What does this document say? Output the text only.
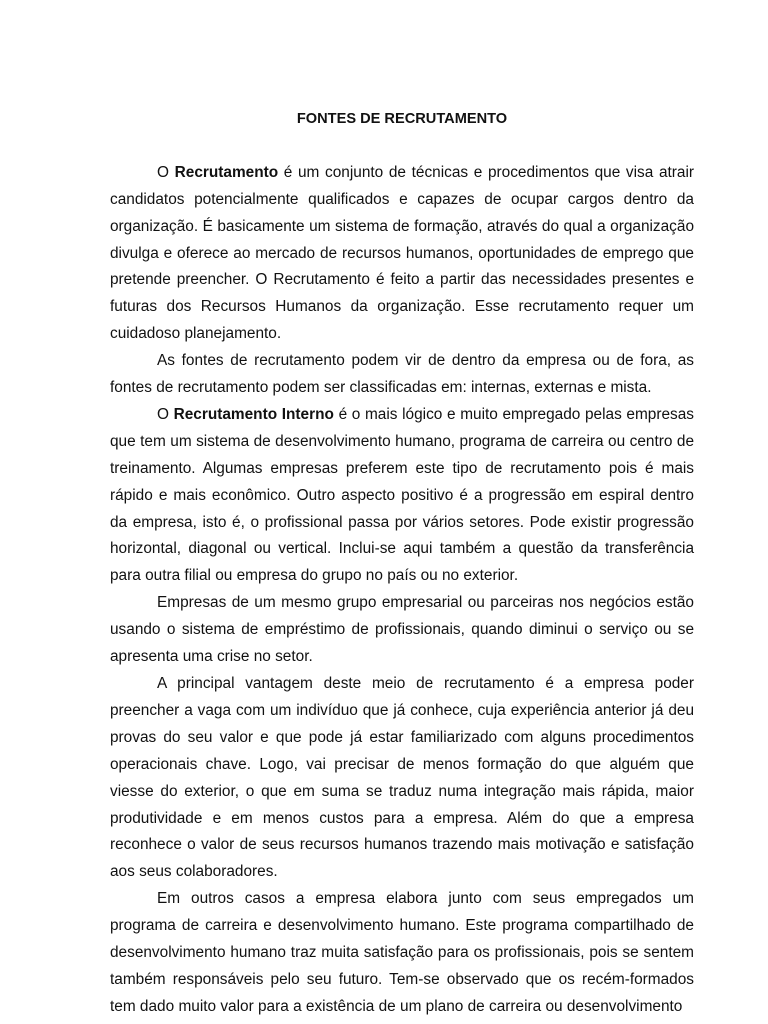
FONTES DE RECRUTAMENTO

O Recrutamento é um conjunto de técnicas e procedimentos que visa atrair candidatos potencialmente qualificados e capazes de ocupar cargos dentro da organização. É basicamente um sistema de formação, através do qual a organização divulga e oferece ao mercado de recursos humanos, oportunidades de emprego que pretende preencher. O Recrutamento é feito a partir das necessidades presentes e futuras dos Recursos Humanos da organização. Esse recrutamento requer um cuidadoso planejamento.

As fontes de recrutamento podem vir de dentro da empresa ou de fora, as fontes de recrutamento podem ser classificadas em: internas, externas e mista.

O Recrutamento Interno é o mais lógico e muito empregado pelas empresas que tem um sistema de desenvolvimento humano, programa de carreira ou centro de treinamento. Algumas empresas preferem este tipo de recrutamento pois é mais rápido e mais econômico. Outro aspecto positivo é a progressão em espiral dentro da empresa, isto é, o profissional passa por vários setores. Pode existir progressão horizontal, diagonal ou vertical. Inclui-se aqui também a questão da transferência para outra filial ou empresa do grupo no país ou no exterior.

Empresas de um mesmo grupo empresarial ou parceiras nos negócios estão usando o sistema de empréstimo de profissionais, quando diminui o serviço ou se apresenta uma crise no setor.

A principal vantagem deste meio de recrutamento é a empresa poder preencher a vaga com um indivíduo que já conhece, cuja experiência anterior já deu provas do seu valor e que pode já estar familiarizado com alguns procedimentos operacionais chave. Logo, vai precisar de menos formação do que alguém que viesse do exterior, o que em suma se traduz numa integração mais rápida, maior produtividade e em menos custos para a empresa. Além do que a empresa reconhece o valor de seus recursos humanos trazendo mais motivação e satisfação aos seus colaboradores.

Em outros casos a empresa elabora junto com seus empregados um programa de carreira e desenvolvimento humano. Este programa compartilhado de desenvolvimento humano traz muita satisfação para os profissionais, pois se sentem também responsáveis pelo seu futuro. Tem-se observado que os recém-formados tem dado muito valor para a existência de um plano de carreira ou desenvolvimento
